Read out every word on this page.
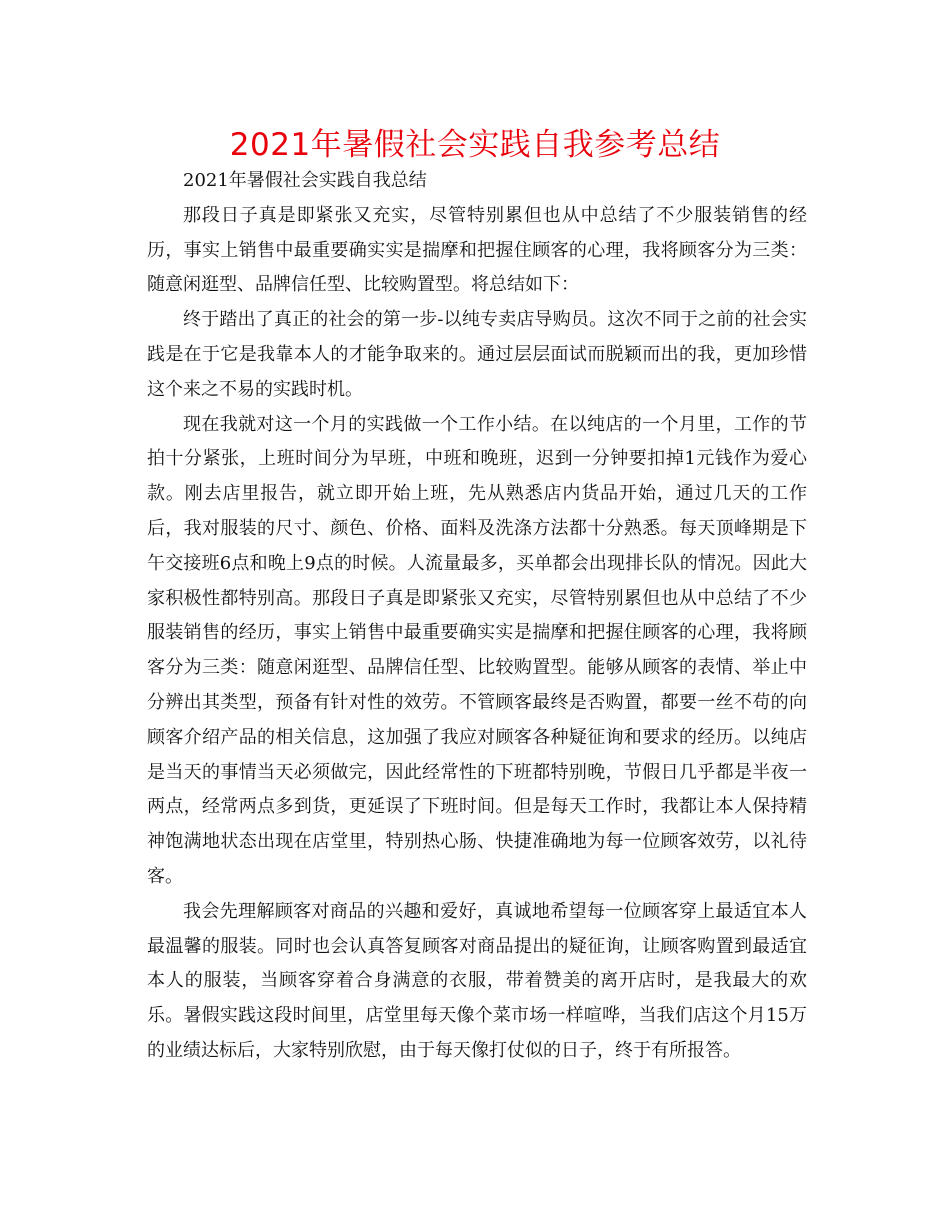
2021年暑假社会实践自我参考总结

2021年暑假社会实践自我总结

那段日子真是即紧张又充实，尽管特别累但也从中总结了不少服装销售的经历，事实上销售中最重要确实实是揣摩和把握住顾客的心理，我将顾客分为三类：随意闲逛型、品牌信任型、比较购置型。将总结如下：

终于踏出了真正的社会的第一步-以纯专卖店导购员。这次不同于之前的社会实践是在于它是我靠本人的才能争取来的。通过层层面试而脱颖而出的我，更加珍惜这个来之不易的实践时机。

现在我就对这一个月的实践做一个工作小结。在以纯店的一个月里，工作的节拍十分紧张，上班时间分为早班，中班和晚班，迟到一分钟要扣掉1元钱作为爱心款。刚去店里报告，就立即开始上班，先从熟悉店内货品开始，通过几天的工作后，我对服装的尺寸、颜色、价格、面料及洗涤方法都十分熟悉。每天顶峰期是下午交接班6点和晚上9点的时候。人流量最多，买单都会出现排长队的情况。因此大家积极性都特别高。那段日子真是即紧张又充实，尽管特别累但也从中总结了不少服装销售的经历，事实上销售中最重要确实实是揣摩和把握住顾客的心理，我将顾客分为三类：随意闲逛型、品牌信任型、比较购置型。能够从顾客的表情、举止中分辨出其类型，预备有针对性的效劳。不管顾客最终是否购置，都要一丝不苟的向顾客介绍产品的相关信息，这加强了我应对顾客各种疑征询和要求的经历。以纯店是当天的事情当天必须做完，因此经常性的下班都特别晚，节假日几乎都是半夜一两点，经常两点多到货，更延误了下班时间。但是每天工作时，我都让本人保持精神饱满地状态出现在店堂里，特别热心肠、快捷准确地为每一位顾客效劳，以礼待客。

我会先理解顾客对商品的兴趣和爱好，真诚地希望每一位顾客穿上最适宜本人最温馨的服装。同时也会认真答复顾客对商品提出的疑征询，让顾客购置到最适宜本人的服装，当顾客穿着合身满意的衣服，带着赞美的离开店时，是我最大的欢乐。暑假实践这段时间里，店堂里每天像个菜市场一样喧哗，当我们店这个月15万的业绩达标后，大家特别欣慰，由于每天像打仗似的日子，终于有所报答。
